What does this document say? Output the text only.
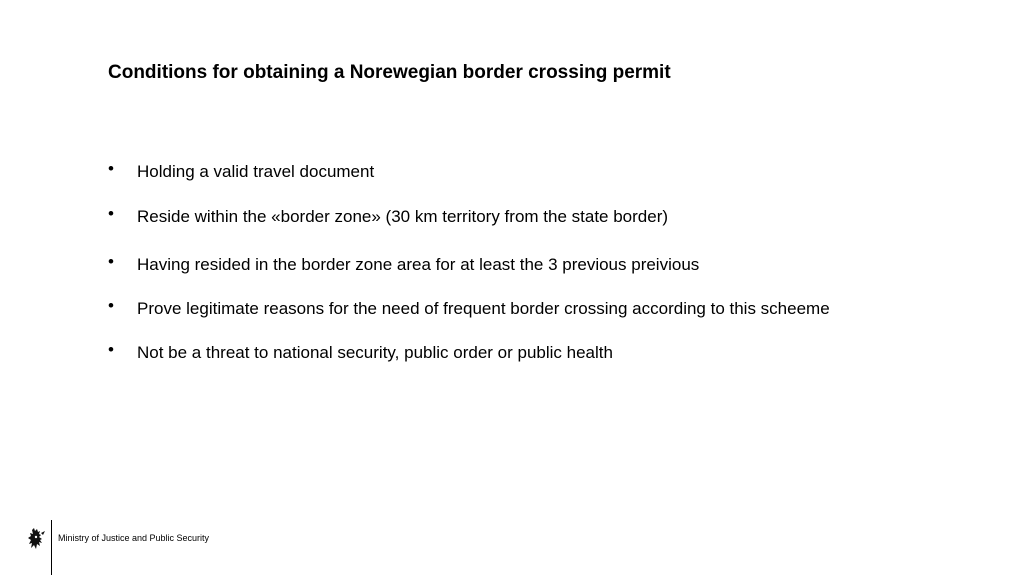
Conditions for obtaining a Norewegian border crossing permit
• Holding a valid travel document
• Reside within the «border zone» (30 km territory from the state border)
• Having resided in the border zone area for at least the 3 previous preivious
• Prove legitimate reasons for the need of frequent border crossing according to this scheeme
• Not be a threat to national security, public order or public health
Ministry of Justice and Public Security
